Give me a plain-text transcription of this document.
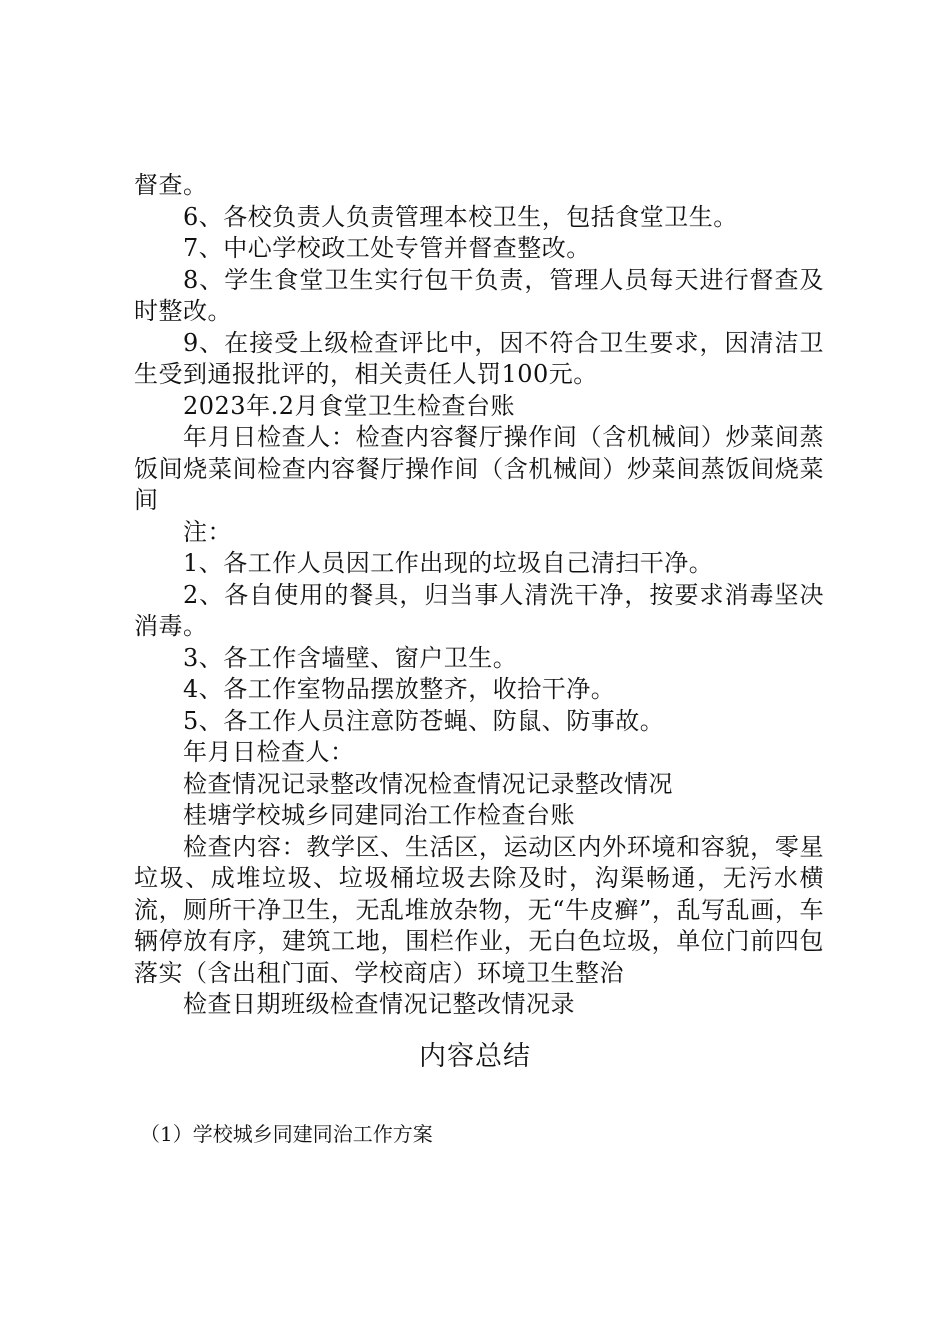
督查。

6、各校负责人负责管理本校卫生，包括食堂卫生。

7、中心学校政工处专管并督查整改。

8、学生食堂卫生实行包干负责，管理人员每天进行督查及时整改。

9、在接受上级检查评比中，因不符合卫生要求，因清洁卫生受到通报批评的，相关责任人罚100元。

2023年.2月食堂卫生检查台账

年月日检查人：检查内容餐厅操作间（含机械间）炒菜间蒸饭间烧菜间检查内容餐厅操作间（含机械间）炒菜间蒸饭间烧菜间

注：

1、各工作人员因工作出现的垃圾自己清扫干净。

2、各自使用的餐具，归当事人清洗干净，按要求消毒坚决消毒。

3、各工作含墙壁、窗户卫生。

4、各工作室物品摆放整齐，收拾干净。

5、各工作人员注意防苍蝇、防鼠、防事故。

年月日检查人：

检查情况记录整改情况检查情况记录整改情况

桂塘学校城乡同建同治工作检查台账

检查内容：教学区、生活区，运动区内外环境和容貌，零星垃圾、成堆垃圾、垃圾桶垃圾去除及时，沟渠畅通，无污水横流，厕所干净卫生，无乱堆放杂物，无“牛皮癣”，乱写乱画，车辆停放有序，建筑工地，围栏作业，无白色垃圾，单位门前四包落实（含出租门面、学校商店）环境卫生整治

检查日期班级检查情况记整改情况录

内容总结
（1）学校城乡同建同治工作方案
